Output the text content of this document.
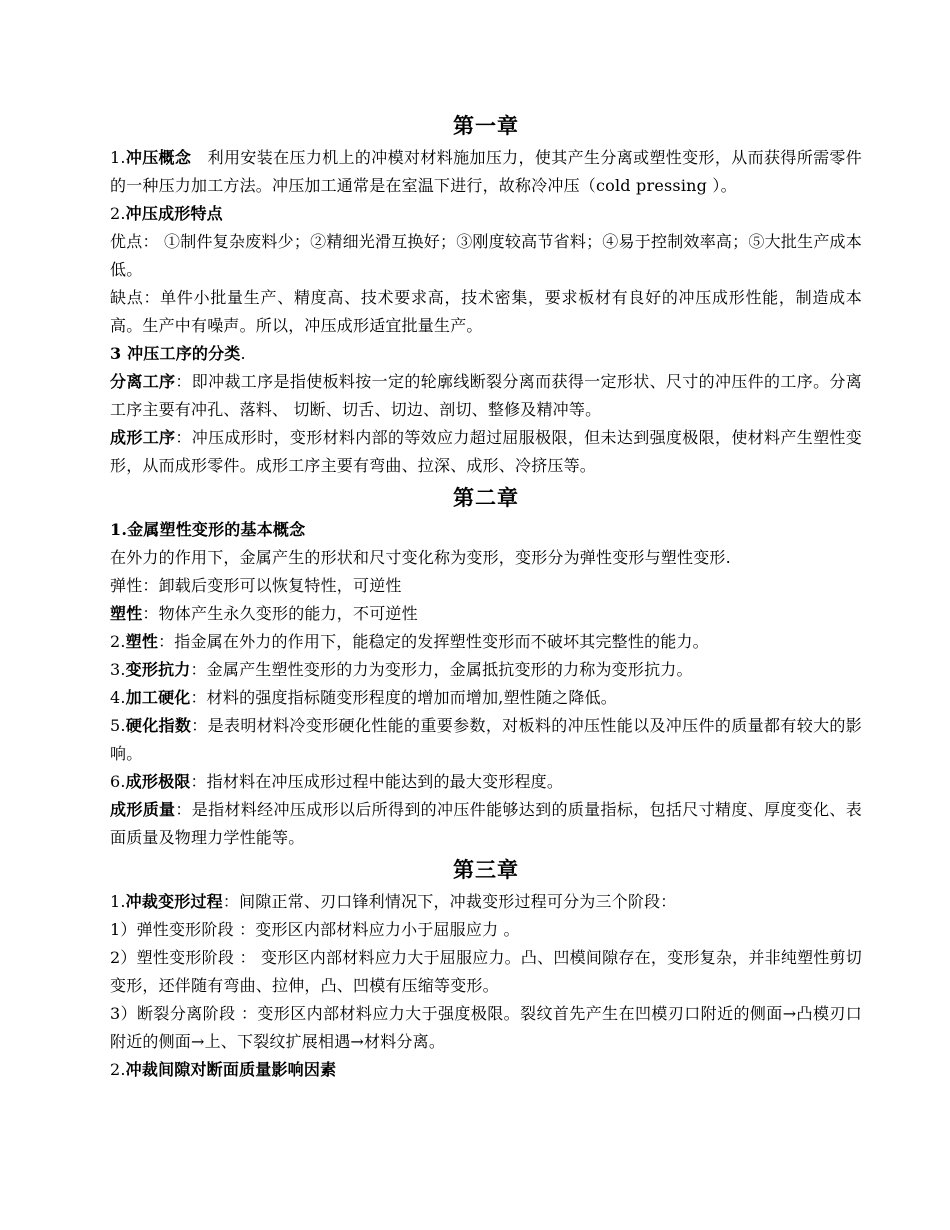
第一章

1.冲压概念　利用安装在压力机上的冲模对材料施加压力，使其产生分离或塑性变形，从而获得所需零件的一种压力加工方法。冲压加工通常是在室温下进行，故称冷冲压（cold pressing ）。

2.冲压成形特点

优点： ①制件复杂废料少；②精细光滑互换好；③刚度较高节省料；④易于控制效率高；⑤大批生产成本低。

缺点：单件小批量生产、精度高、技术要求高，技术密集，要求板材有良好的冲压成形性能，制造成本高。生产中有噪声。所以，冲压成形适宜批量生产。

3 冲压工序的分类.

分离工序：即冲裁工序是指使板料按一定的轮廓线断裂分离而获得一定形状、尺寸的冲压件的工序。分离工序主要有冲孔、落料、 切断、切舌、切边、剖切、整修及精冲等。

成形工序：冲压成形时，变形材料内部的等效应力超过屈服极限，但未达到强度极限，使材料产生塑性变形，从而成形零件。成形工序主要有弯曲、拉深、成形、冷挤压等。

第二章

1.金属塑性变形的基本概念

在外力的作用下，金属产生的形状和尺寸变化称为变形，变形分为弹性变形与塑性变形.

弹性：卸载后变形可以恢复特性，可逆性

塑性：物体产生永久变形的能力，不可逆性

2.塑性：指金属在外力的作用下，能稳定的发挥塑性变形而不破坏其完整性的能力。

3.变形抗力：金属产生塑性变形的力为变形力，金属抵抗变形的力称为变形抗力。

4.加工硬化：材料的强度指标随变形程度的增加而增加,塑性随之降低。

5.硬化指数：是表明材料冷变形硬化性能的重要参数，对板料的冲压性能以及冲压件的质量都有较大的影响。

6.成形极限：指材料在冲压成形过程中能达到的最大变形程度。

成形质量：是指材料经冲压成形以后所得到的冲压件能够达到的质量指标，包括尺寸精度、厚度变化、表面质量及物理力学性能等。

第三章

1.冲裁变形过程：间隙正常、刃口锋利情况下，冲裁变形过程可分为三个阶段：

1）弹性变形阶段 ：变形区内部材料应力小于屈服应力 。

2）塑性变形阶段 ： 变形区内部材料应力大于屈服应力。凸、凹模间隙存在，变形复杂，并非纯塑性剪切变形，还伴随有弯曲、拉伸，凸、凹模有压缩等变形。

3）断裂分离阶段 ：变形区内部材料应力大于强度极限。裂纹首先产生在凹模刃口附近的侧面→凸模刃口附近的侧面→上、下裂纹扩展相遇→材料分离。

2.冲裁间隙对断面质量影响因素
